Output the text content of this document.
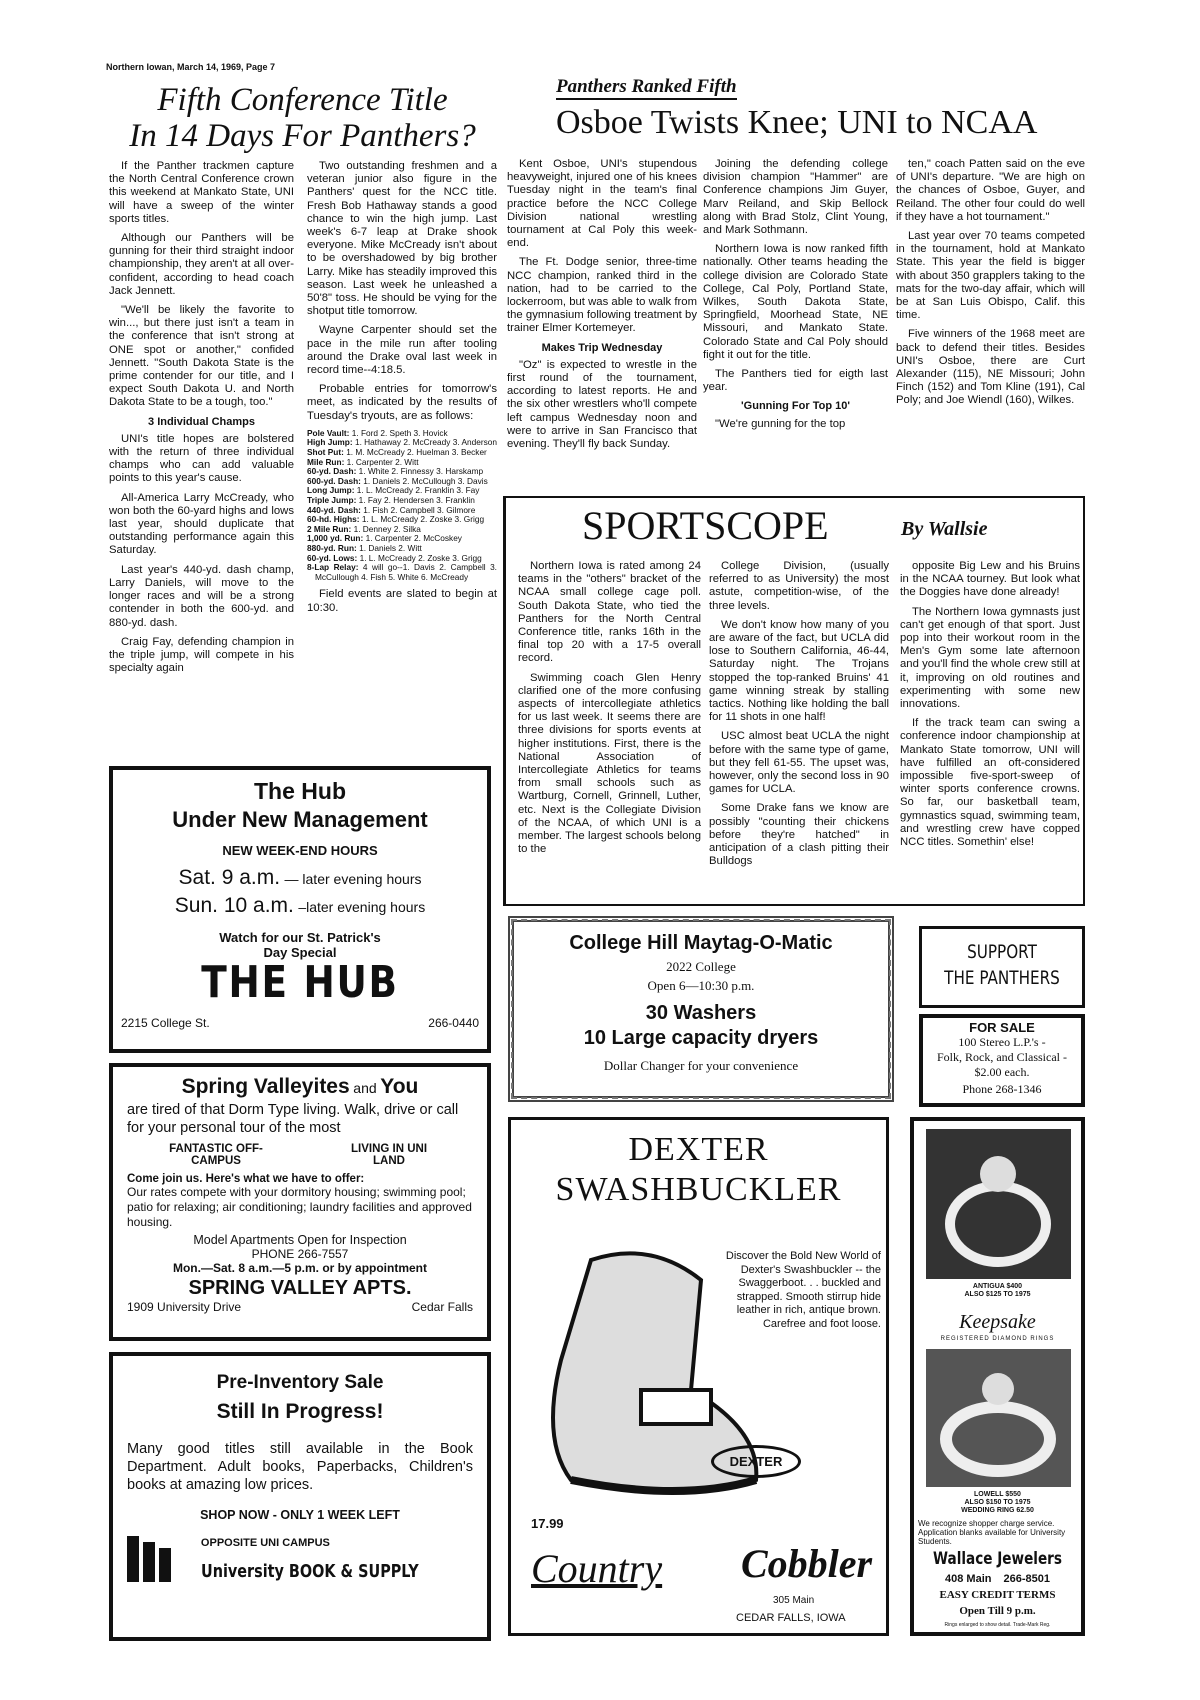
Northern Iowan, March 14, 1969, Page 7
Fifth Conference Title
In 14 Days For Panthers?

If the Panther trackmen capture the North Central Conference crown this weekend at Mankato State, UNI will have a sweep of the winter sports titles.

Although our Panthers will be gunning for their third straight indoor championship, they aren't at all over-confident, according to head coach Jack Jennett.

"We'll be likely the favorite to win..., but there just isn't a team in the conference that isn't strong at ONE spot or another," confided Jennett. "South Dakota State is the prime contender for our title, and I expect South Dakota U. and North Dakota State to be a tough, too."

3 Individual Champs

UNI's title hopes are bolstered with the return of three individual champs who can add valuable points to this year's cause.

All-America Larry McCready, who won both the 60-yard highs and lows last year, should duplicate that outstanding performance again this Saturday.

Last year's 440-yd. dash champ, Larry Daniels, will move to the longer races and will be a strong contender in both the 600-yd. and 880-yd. dash.

Craig Fay, defending champion in the triple jump, will compete in his specialty again

Two outstanding freshmen and a veteran junior also figure in the Panthers' quest for the NCC title. Fresh Bob Hathaway stands a good chance to win the high jump. Last week's 6-7 leap at Drake shook everyone. Mike McCready isn't about to be overshadowed by big brother Larry. Mike has steadily improved this season. Last week he unleashed a 50'8" toss. He should be vying for the shotput title tomorrow.

Wayne Carpenter should set the pace in the mile run after tooling around the Drake oval last week in record time--4:18.5.

Probable entries for tomorrow's meet, as indicated by the results of Tuesday's tryouts, are as follows:

Pole Vault: 1. Ford 2. Speth 3. Hovick
High Jump: 1. Hathaway 2. McCready 3. Anderson
Shot Put: 1. M. McCready 2. Huelman 3. Becker
Mile Run: 1. Carpenter 2. Witt
60-yd. Dash: 1. White 2. Finnessy 3. Harskamp
600-yd. Dash: 1. Daniels 2. McCullough 3. Davis
Long Jump: 1. L. McCready 2. Franklin 3. Fay
Triple Jump: 1. Fay 2. Hendersen 3. Franklin
440-yd. Dash: 1. Fish 2. Campbell 3. Gilmore
60-hd. Highs: 1. L. McCready 2. Zoske 3. Grigg
2 Mile Run: 1. Denney 2. Silka
1,000 yd. Run: 1. Carpenter 2. McCoskey
880-yd. Run: 1. Daniels 2. Witt
60-yd. Lows: 1. L. McCready 2. Zoske 3. Grigg
8-Lap Relay: 4 will go--1. Davis 2. Campbell 3. McCullough 4. Fish 5. White 6. McCready

Field events are slated to begin at 10:30.

The Hub
Under New Management
NEW WEEK-END HOURS
Sat. 9 a.m. — later evening hours
Sun. 10 a.m. –later evening hours
Watch for our St. Patrick's Day Special
THE HUB
2215 College St.	266-0440
Spring Valleyites and You
are tired of that Dorm Type living. Walk, drive or call for your personal tour of the most
FANTASTIC OFF-CAMPUS
LIVING IN UNI LAND
Come join us. Here's what we have to offer:
Our rates compete with your dormitory housing; swimming pool; patio for relaxing; air conditioning; laundry facilities and approved housing.
Model Apartments Open for Inspection
PHONE 266-7557
Mon.—Sat. 8 a.m.—5 p.m. or by appointment
SPRING VALLEY APTS.
1909 University Drive	Cedar Falls
Pre-Inventory Sale
Still In Progress!
Many good titles still available in the Book Department. Adult books, Paperbacks, Children's books at amazing low prices.
SHOP NOW - ONLY 1 WEEK LEFT
OPPOSITE UNI CAMPUS
University BOOK & SUPPLY
Panthers Ranked Fifth
Osboe Twists Knee; UNI to NCAA

Kent Osboe, UNI's stupendous heavyweight, injured one of his knees Tuesday night in the team's final practice before the NCC College Division national wrestling tournament at Cal Poly this week-end.

The Ft. Dodge senior, three-time NCC champion, ranked third in the nation, had to be carried to the lockerroom, but was able to walk from the gymnasium following treatment by trainer Elmer Kortemeyer.

Makes Trip Wednesday

"Oz" is expected to wrestle in the first round of the tournament, according to latest reports. He and the six other wrestlers who'll compete left campus Wednesday noon and were to arrive in San Francisco that evening. They'll fly back Sunday.

Joining the defending college division champion "Hammer" are Conference champions Jim Guyer, Marv Reiland, and Skip Bellock along with Brad Stolz, Clint Young, and Mark Sothmann.

Northern Iowa is now ranked fifth nationally. Other teams heading the college division are Colorado State College, Cal Poly, Portland State, Wilkes, South Dakota State, Springfield, Moorhead State, NE Missouri, and Mankato State. Colorado State and Cal Poly should fight it out for the title.

The Panthers tied for eigth last year.

'Gunning For Top 10'

"We're gunning for the top

ten," coach Patten said on the eve of UNI's departure. "We are high on the chances of Osboe, Guyer, and Reiland. The other four could do well if they have a hot tournament."

Last year over 70 teams competed in the tournament, hold at Mankato State. This year the field is bigger with about 350 grapplers taking to the mats for the two-day affair, which will be at San Luis Obispo, Calif. this time.

Five winners of the 1968 meet are back to defend their titles. Besides UNI's Osboe, there are Curt Alexander (115), NE Missouri; John Finch (152) and Tom Kline (191), Cal Poly; and Joe Wiendl (160), Wilkes.

SPORTSCOPE	By Wallsie

Northern Iowa is rated among 24 teams in the "others" bracket of the NCAA small college cage poll. South Dakota State, who tied the Panthers for the North Central Conference title, ranks 16th in the final top 20 with a 17-5 overall record.

Swimming coach Glen Henry clarified one of the more confusing aspects of intercollegiate athletics for us last week. It seems there are three divisions for sports events at higher institutions. First, there is the National Association of Intercollegiate Athletics for teams from small schools such as Wartburg, Cornell, Grinnell, Luther, etc. Next is the Collegiate Division of the NCAA, of which UNI is a member. The largest schools belong to the

College Division, (usually referred to as University) the most astute, competition-wise, of the three levels.

We don't know how many of you are aware of the fact, but UCLA did lose to Southern California, 46-44, Saturday night. The Trojans stopped the top-ranked Bruins' 41 game winning streak by stalling tactics. Nothing like holding the ball for 11 shots in one half!

USC almost beat UCLA the night before with the same type of game, but they fell 61-55. The upset was, however, only the second loss in 90 games for UCLA.

Some Drake fans we know are possibly "counting their chickens before they're hatched" in anticipation of a clash pitting their Bulldogs

opposite Big Lew and his Bruins in the NCAA tourney. But look what the Doggies have done already!

The Northern Iowa gymnasts just can't get enough of that sport. Just pop into their workout room in the Men's Gym some late afternoon and you'll find the whole crew still at it, improving on old routines and experimenting with some new innovations.

If the track team can swing a conference indoor championship at Mankato State tomorrow, UNI will have fulfilled an oft-considered impossible five-sport-sweep of winter sports conference crowns. So far, our basketball team, gymnastics squad, swimming team, and wrestling crew have copped NCC titles. Somethin' else!

College Hill Maytag-O-Matic
2022 College
Open 6—10:30 p.m.
30 Washers
10 Large capacity dryers
Dollar Changer for your convenience
SUPPORT
THE PANTHERS
FOR SALE
100 Stereo L.P.'s -
Folk, Rock, and Classical -
$2.00 each.
Phone 268-1346
DEXTER
SWASHBUCKLER
Discover the Bold New World of Dexter's Swashbuckler -- the Swaggerboot. . . buckled and strapped. Smooth stirrup hide leather in rich, antique brown. Carefree and foot loose.
DEXTER
17.99
Country Cobbler
305 Main
CEDAR FALLS, IOWA
ANTIGUA $400
ALSO $125 TO 1975
Keepsake
REGISTERED DIAMOND RINGS
LOWELL $550
ALSO $150 TO 1975
WEDDING RING 62.50
We recognize shopper charge service. Application blanks available for University Students.
Wallace Jewelers
408 Main 266-8501
EASY CREDIT TERMS
Open Till 9 p.m.
Rings enlarged to show detail. Trade-Mark Reg.
